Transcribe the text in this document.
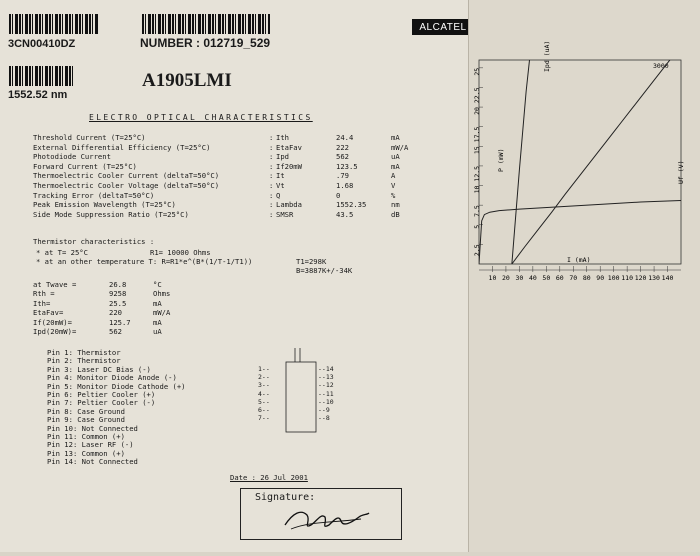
3CN00410DZ	NUMBER : 012719_529
1552.52 nm
A1905LMI
ALCATEL
ELECTRO_OPTICAL CHARACTERISTICS
Threshold Current (T=25°C)	: Ith	24.4	mA
External Differential Efficiency (T=25°C)	: EtaFav	222	mW/A
Photodiode Current	: Ipd	562	uA
Forward Current (T=25°C)	: If20mW	123.5	mA
Thermoelectric Cooler Current (deltaT=50°C)	: It	.79	A
Thermoelectric Cooler Voltage (deltaT=50°C)	: Vt	1.68	V
Tracking Error (deltaT=50°C)	: Q	0	%
Peak Emission Wavelength (T=25°C)	: Lambda	1552.35	nm
Side Mode Suppression Ratio (T=25°C)	: SMSR	43.5	dB
Thermistor characteristics :
* at T= 25°C	R1= 10000 Ohms
* at an other temperature T: R=R1*e^(B*(1/T-1/T1))	T1=298K
B=3887K+/-34K
at Twave =	26.8	°C
Rth =	9258	Ohms
Ith=	25.5	mA
EtaFav=	220	mW/A
If(20mW)=	125.7	mA
Ipd(20mW)=	562	uA
Pin 1: Thermistor
Pin 2: Thermistor
Pin 3: Laser DC Bias (-)
Pin 4: Monitor Diode Anode (-)
Pin 5: Monitor Diode Cathode (+)
Pin 6: Peltier Cooler (+)
Pin 7: Peltier Cooler (-)
Pin 8: Case Ground
Pin 9: Case Ground
Pin 10: Not Connected
Pin 11: Common (+)
Pin 12: Laser RF (-)
Pin 13: Common (+)
Pin 14: Not Connected
1--	--14
2--	--13
3--	--12
4--	--11
5--	--10
6--	--9
7--	--8
Date : 26 Jul 2001
Signature:
10 20 30 40 50 60 70 80 90 100 110 120 130 140
2.5
5
7.5
10
12.5
15
17.5
20
22.5
25	Ipd (uA)	3000
P (mW)
Uf (V)
I (mA)
